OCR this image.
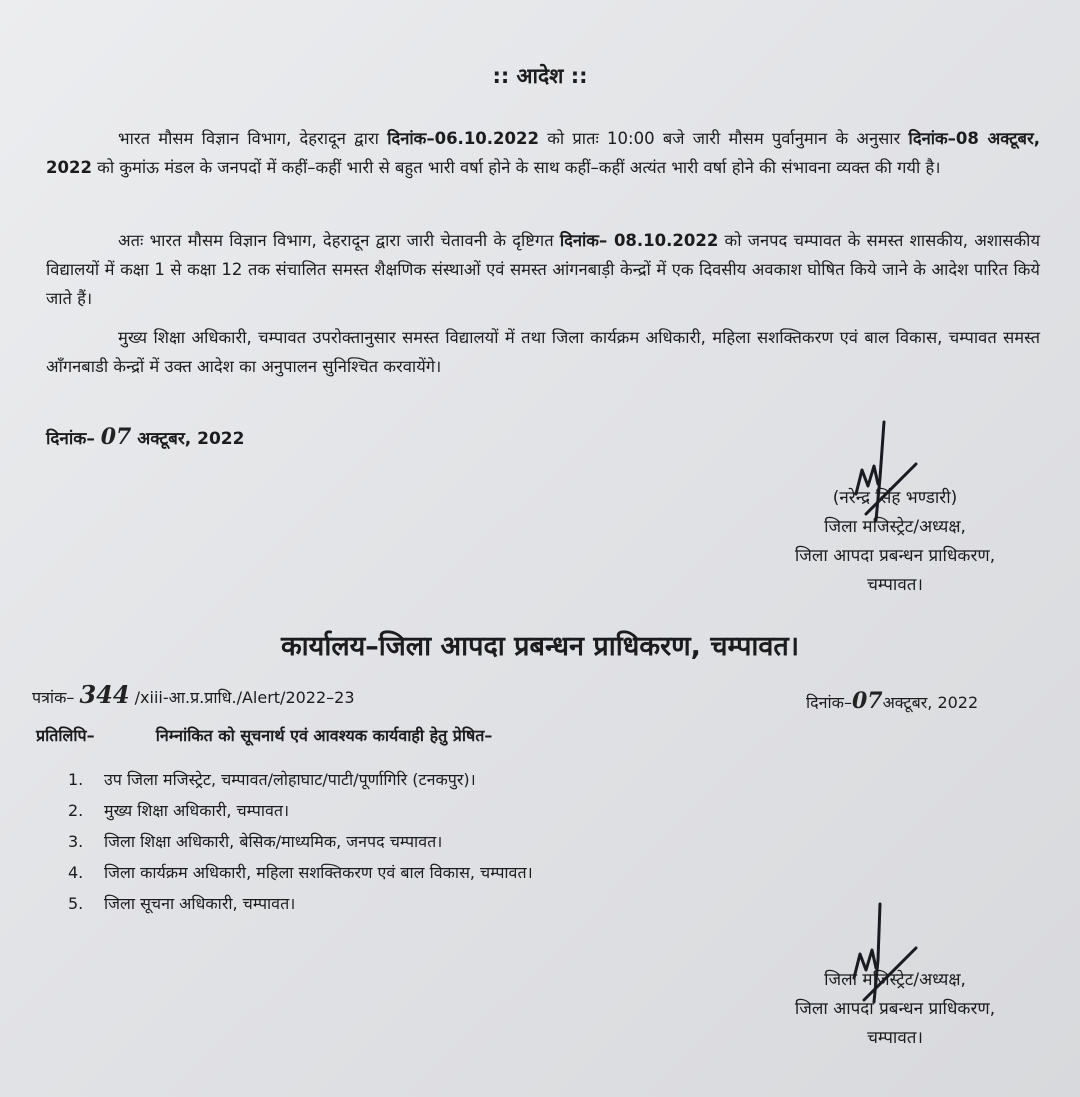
:: आदेश ::
भारत मौसम विज्ञान विभाग, देहरादून द्वारा दिनांक–06.10.2022 को प्रातः 10:00 बजे जारी मौसम पुर्वानुमान के अनुसार दिनांक–08 अक्टूबर, 2022 को कुमांऊ मंडल के जनपदों में कहीं–कहीं भारी से बहुत भारी वर्षा होने के साथ कहीं–कहीं अत्यंत भारी वर्षा होने की संभावना व्यक्त की गयी है।
अतः भारत मौसम विज्ञान विभाग, देहरादून द्वारा जारी चेतावनी के दृष्टिगत दिनांक– 08.10.2022 को जनपद चम्पावत के समस्त शासकीय, अशासकीय विद्यालयों में कक्षा 1 से कक्षा 12 तक संचालित समस्त शैक्षणिक संस्थाओं एवं समस्त आंगनबाड़ी केन्द्रों में एक दिवसीय अवकाश घोषित किये जाने के आदेश पारित किये जाते हैं।
मुख्य शिक्षा अधिकारी, चम्पावत उपरोक्तानुसार समस्त विद्यालयों में तथा जिला कार्यक्रम अधिकारी, महिला सशक्तिकरण एवं बाल विकास, चम्पावत समस्त आँगनबाडी केन्द्रों में उक्त आदेश का अनुपालन सुनिश्चित करवायेंगे।
दिनांक– 07 अक्टूबर, 2022
(नरेन्द्र सिंह भण्डारी)
जिला मजिस्ट्रेट/अध्यक्ष,
जिला आपदा प्रबन्धन प्राधिकरण,
चम्पावत।
कार्यालय–जिला आपदा प्रबन्धन प्राधिकरण, चम्पावत।
पत्रांक– 344 /xiii-आ.प्र.प्राधि./Alert/2022–23	दिनांक–07अक्टूबर, 2022
प्रतिलिपि–	निम्नांकित को सूचनार्थ एवं आवश्यक कार्यवाही हेतु प्रेषित–
1. उप जिला मजिस्ट्रेट, चम्पावत/लोहाघाट/पाटी/पूर्णागिरि (टनकपुर)।
2. मुख्य शिक्षा अधिकारी, चम्पावत।
3. जिला शिक्षा अधिकारी, बेसिक/माध्यमिक, जनपद चम्पावत।
4. जिला कार्यक्रम अधिकारी, महिला सशक्तिकरण एवं बाल विकास, चम्पावत।
5. जिला सूचना अधिकारी, चम्पावत।
जिला मजिस्ट्रेट/अध्यक्ष,
जिला आपदा प्रबन्धन प्राधिकरण,
चम्पावत।
